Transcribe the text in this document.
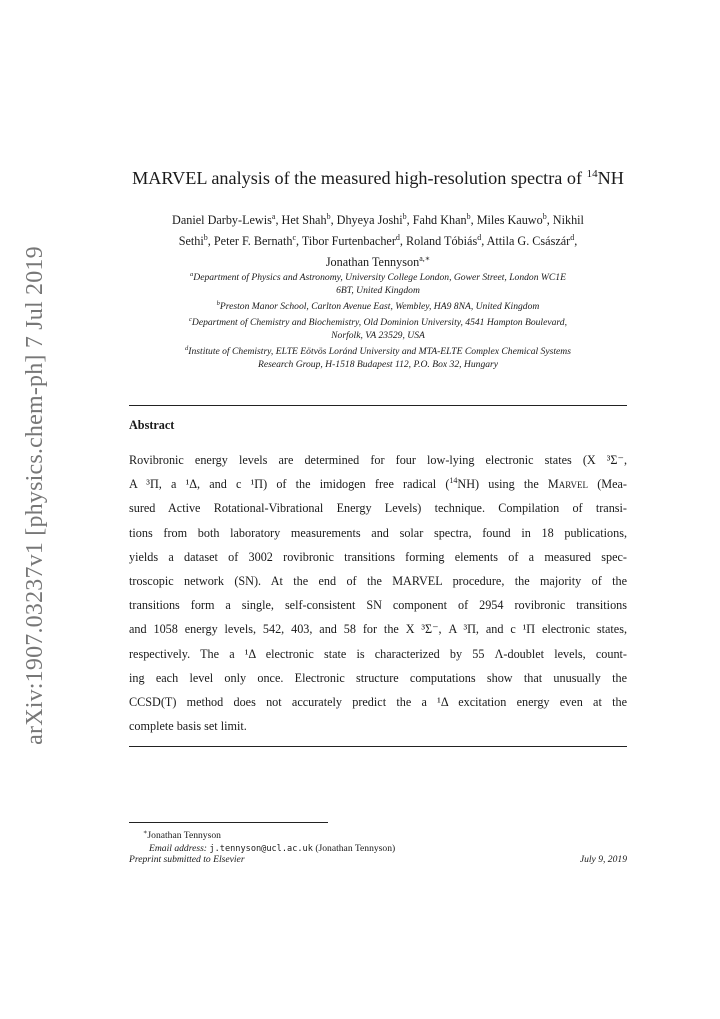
arXiv:1907.03237v1 [physics.chem-ph] 7 Jul 2019
MARVEL analysis of the measured high-resolution spectra of $^{14}$NH
Daniel Darby-Lewis$^a$, Het Shah$^b$, Dhyeya Joshi$^b$, Fahd Khan$^b$, Miles Kauwo$^b$, Nikhil
Sethi$^b$, Peter F. Bernath$^c$, Tibor Furtenbacher$^d$, Roland Tóbiás$^d$, Attila G. Császár$^d$,
Jonathan Tennyson$^{a,∗}$
$^a$Department of Physics and Astronomy, University College London, Gower Street, London WC1E
6BT, United Kingdom
$^b$Preston Manor School, Carlton Avenue East, Wembley, HA9 8NA, United Kingdom
$^c$Department of Chemistry and Biochemistry, Old Dominion University, 4541 Hampton Boulevard,
Norfolk, VA 23529, USA
$^d$Institute of Chemistry, ELTE Eötvös Loránd University and MTA-ELTE Complex Chemical Systems
Research Group, H-1518 Budapest 112, P.O. Box 32, Hungary
Abstract
Rovibronic energy levels are determined for four low-lying electronic states (X ³Σ⁻,
A ³Π, a ¹Δ, and c ¹Π) of the imidogen free radical ($^{14}$NH) using the Marvel (Mea-
sured Active Rotational-Vibrational Energy Levels) technique. Compilation of transi-
tions from both laboratory measurements and solar spectra, found in 18 publications,
yields a dataset of 3002 rovibronic transitions forming elements of a measured spec-
troscopic network (SN). At the end of the MARVEL procedure, the majority of the
transitions form a single, self-consistent SN component of 2954 rovibronic transitions
and 1058 energy levels, 542, 403, and 58 for the X ³Σ⁻, A ³Π, and c ¹Π electronic states,
respectively. The a ¹Δ electronic state is characterized by 55 Λ-doublet levels, count-
ing each level only once. Electronic structure computations show that unusually the
CCSD(T) method does not accurately predict the a ¹Δ excitation energy even at the
complete basis set limit.
∗Jonathan Tennyson
Email address: j.tennyson@ucl.ac.uk (Jonathan Tennyson)
Preprint submitted to Elsevier	July 9, 2019
